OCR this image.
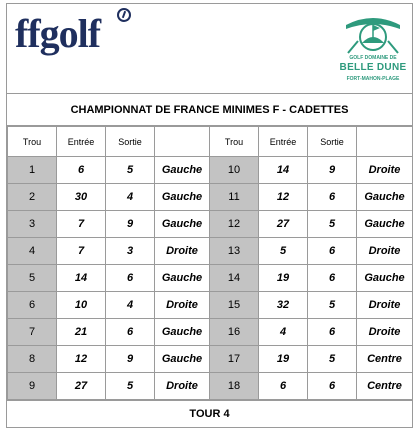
ffgolf
GOLF DOMAINE DE
BELLE DUNE
FORT-MAHON-PLAGE
CHAMPIONNAT DE FRANCE MINIMES F - CADETTES
Trou	Entrée	Sortie		Trou	Entrée	Sortie	
1	6	5	Gauche	10	14	9	Droite
2	30	4	Gauche	11	12	6	Gauche
3	7	9	Gauche	12	27	5	Gauche
4	7	3	Droite	13	5	6	Droite
5	14	6	Gauche	14	19	6	Gauche
6	10	4	Droite	15	32	5	Droite
7	21	6	Gauche	16	4	6	Droite
8	12	9	Gauche	17	19	5	Centre
9	27	5	Droite	18	6	6	Centre
TOUR 4
